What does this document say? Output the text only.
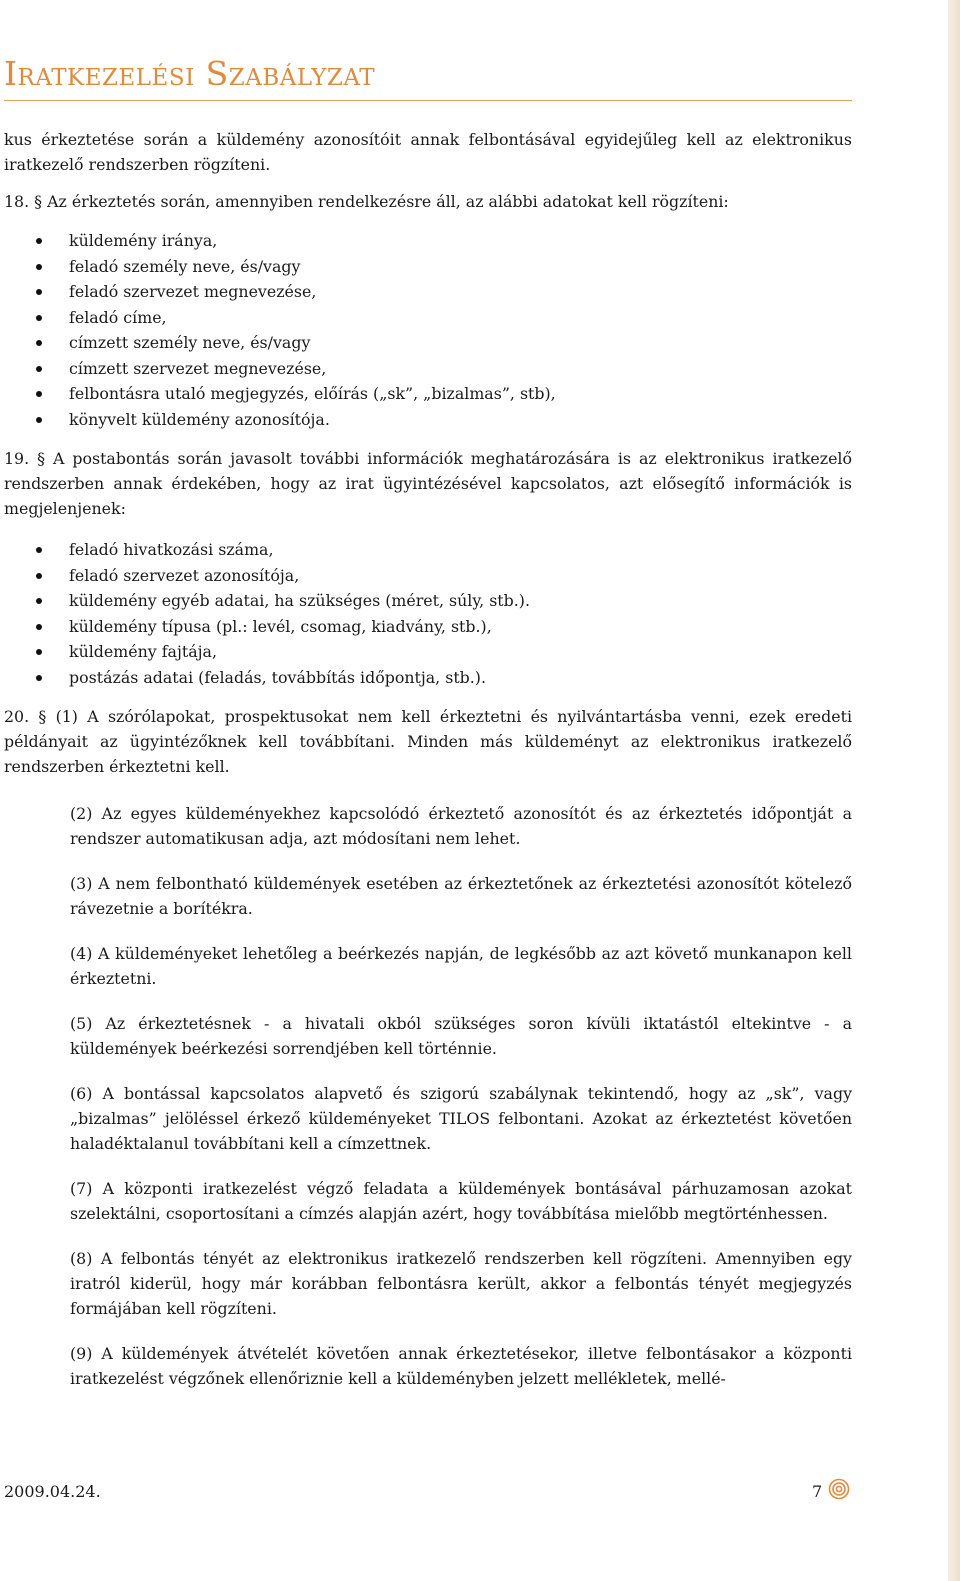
Iratkezelési Szabályzat

kus érkeztetése során a küldemény azonosítóit annak felbontásával egyidejűleg kell az elektronikus iratkezelő rendszerben rögzíteni.

18. § Az érkeztetés során, amennyiben rendelkezésre áll, az alábbi adatokat kell rögzíteni:

küldemény iránya,
feladó személy neve, és/vagy
feladó szervezet megnevezése,
feladó címe,
címzett személy neve, és/vagy
címzett szervezet megnevezése,
felbontásra utaló megjegyzés, előírás („sk”, „bizalmas”, stb),
könyvelt küldemény azonosítója.

19. § A postabontás során javasolt további információk meghatározására is az elektronikus iratkezelő rendszerben annak érdekében, hogy az irat ügyintézésével kapcsolatos, azt elősegítő információk is megjelenjenek:

feladó hivatkozási száma,
feladó szervezet azonosítója,
küldemény egyéb adatai, ha szükséges (méret, súly, stb.).
küldemény típusa (pl.: levél, csomag, kiadvány, stb.),
küldemény fajtája,
postázás adatai (feladás, továbbítás időpontja, stb.).

20. § (1) A szórólapokat, prospektusokat nem kell érkeztetni és nyilvántartásba venni, ezek eredeti példányait az ügyintézőknek kell továbbítani. Minden más küldeményt az elektronikus iratkezelő rendszerben érkeztetni kell.

(2) Az egyes küldeményekhez kapcsolódó érkeztető azonosítót és az érkeztetés időpontját a rendszer automatikusan adja, azt módosítani nem lehet.

(3) A nem felbontható küldemények esetében az érkeztetőnek az érkeztetési azonosítót kötelező rávezetnie a borítékra.

(4) A küldeményeket lehetőleg a beérkezés napján, de legkésőbb az azt követő munkanapon kell érkeztetni.

(5) Az érkeztetésnek - a hivatali okból szükséges soron kívüli iktatástól eltekintve - a küldemények beérkezési sorrendjében kell történnie.

(6) A bontással kapcsolatos alapvető és szigorú szabálynak tekintendő, hogy az „sk”, vagy „bizalmas” jelöléssel érkező küldeményeket TILOS felbontani. Azokat az érkeztetést követően haladéktalanul továbbítani kell a címzettnek.

(7) A központi iratkezelést végző feladata a küldemények bontásával párhuzamosan azokat szelektálni, csoportosítani a címzés alapján azért, hogy továbbítása mielőbb megtörténhessen.

(8) A felbontás tényét az elektronikus iratkezelő rendszerben kell rögzíteni. Amennyiben egy iratról kiderül, hogy már korábban felbontásra került, akkor a felbontás tényét megjegyzés formájában kell rögzíteni.

(9) A küldemények átvételét követően annak érkeztetésekor, illetve felbontásakor a központi iratkezelést végzőnek ellenőriznie kell a küldeményben jelzett mellékletek, mellé-

2009.04.24.	7
